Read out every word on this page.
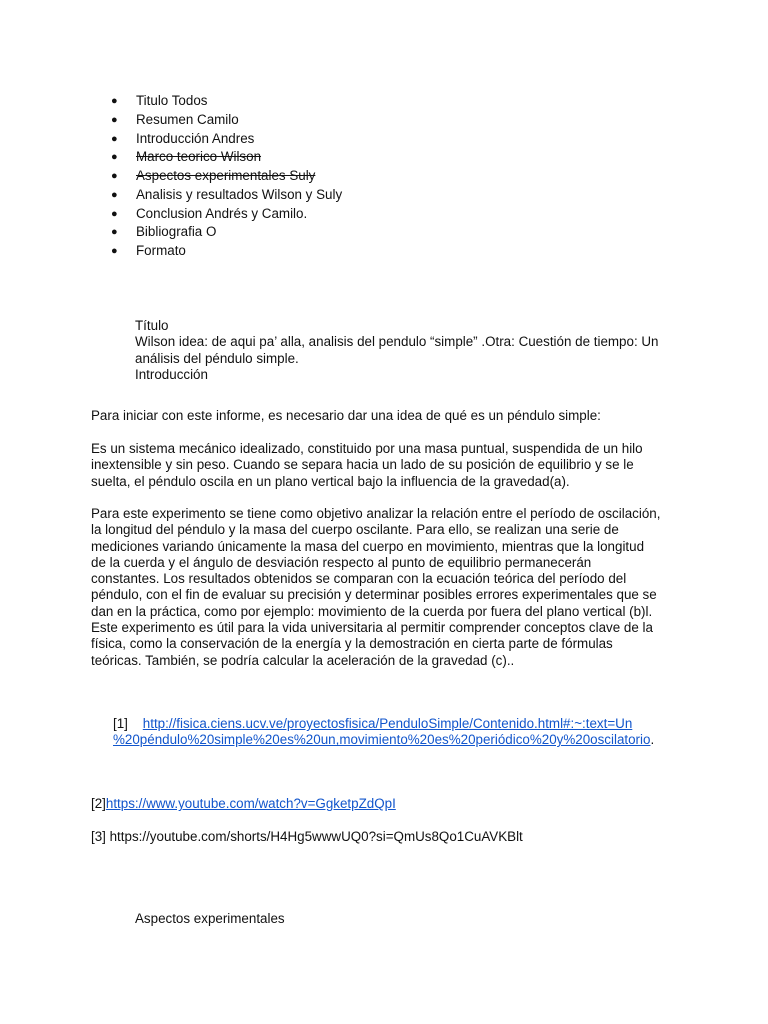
● Titulo Todos
● Resumen Camilo
● Introducción Andres
● Marco teorico Wilson
● Aspectos experimentales Suly
● Analisis y resultados Wilson y Suly
● Conclusion Andrés y Camilo.
● Bibliografia O
● Formato
Título
Wilson idea: de aqui pa’ alla, analisis del pendulo “simple” .Otra: Cuestión de tiempo: Un
análisis del péndulo simple.
Introducción
Para iniciar con este informe, es necesario dar una idea de qué es un péndulo simple:
Es un sistema mecánico idealizado, constituido por una masa puntual, suspendida de un hilo
inextensible y sin peso. Cuando se separa hacia un lado de su posición de equilibrio y se le
suelta, el péndulo oscila en un plano vertical bajo la influencia de la gravedad(a).
Para este experimento se tiene como objetivo analizar la relación entre el período de oscilación,
la longitud del péndulo y la masa del cuerpo oscilante. Para ello, se realizan una serie de
mediciones variando únicamente la masa del cuerpo en movimiento, mientras que la longitud
de la cuerda y el ángulo de desviación respecto al punto de equilibrio permanecerán
constantes. Los resultados obtenidos se comparan con la ecuación teórica del período del
péndulo, con el fin de evaluar su precisión y determinar posibles errores experimentales que se
dan en la práctica, como por ejemplo: movimiento de la cuerda por fuera del plano vertical (b)l.
Este experimento es útil para la vida universitaria al permitir comprender conceptos clave de la
física, como la conservación de la energía y la demostración en cierta parte de fórmulas
teóricas. También, se podría calcular la aceleración de la gravedad (c)..
[1] http://fisica.ciens.ucv.ve/proyectosfisica/PenduloSimple/Contenido.html#:~:text=Un
%20péndulo%20simple%20es%20un,movimiento%20es%20periódico%20y%20oscilatorio.
[2]https://www.youtube.com/watch?v=GgketpZdQpI
[3] https://youtube.com/shorts/H4Hg5wwwUQ0?si=QmUs8Qo1CuAVKBlt
Aspectos experimentales
